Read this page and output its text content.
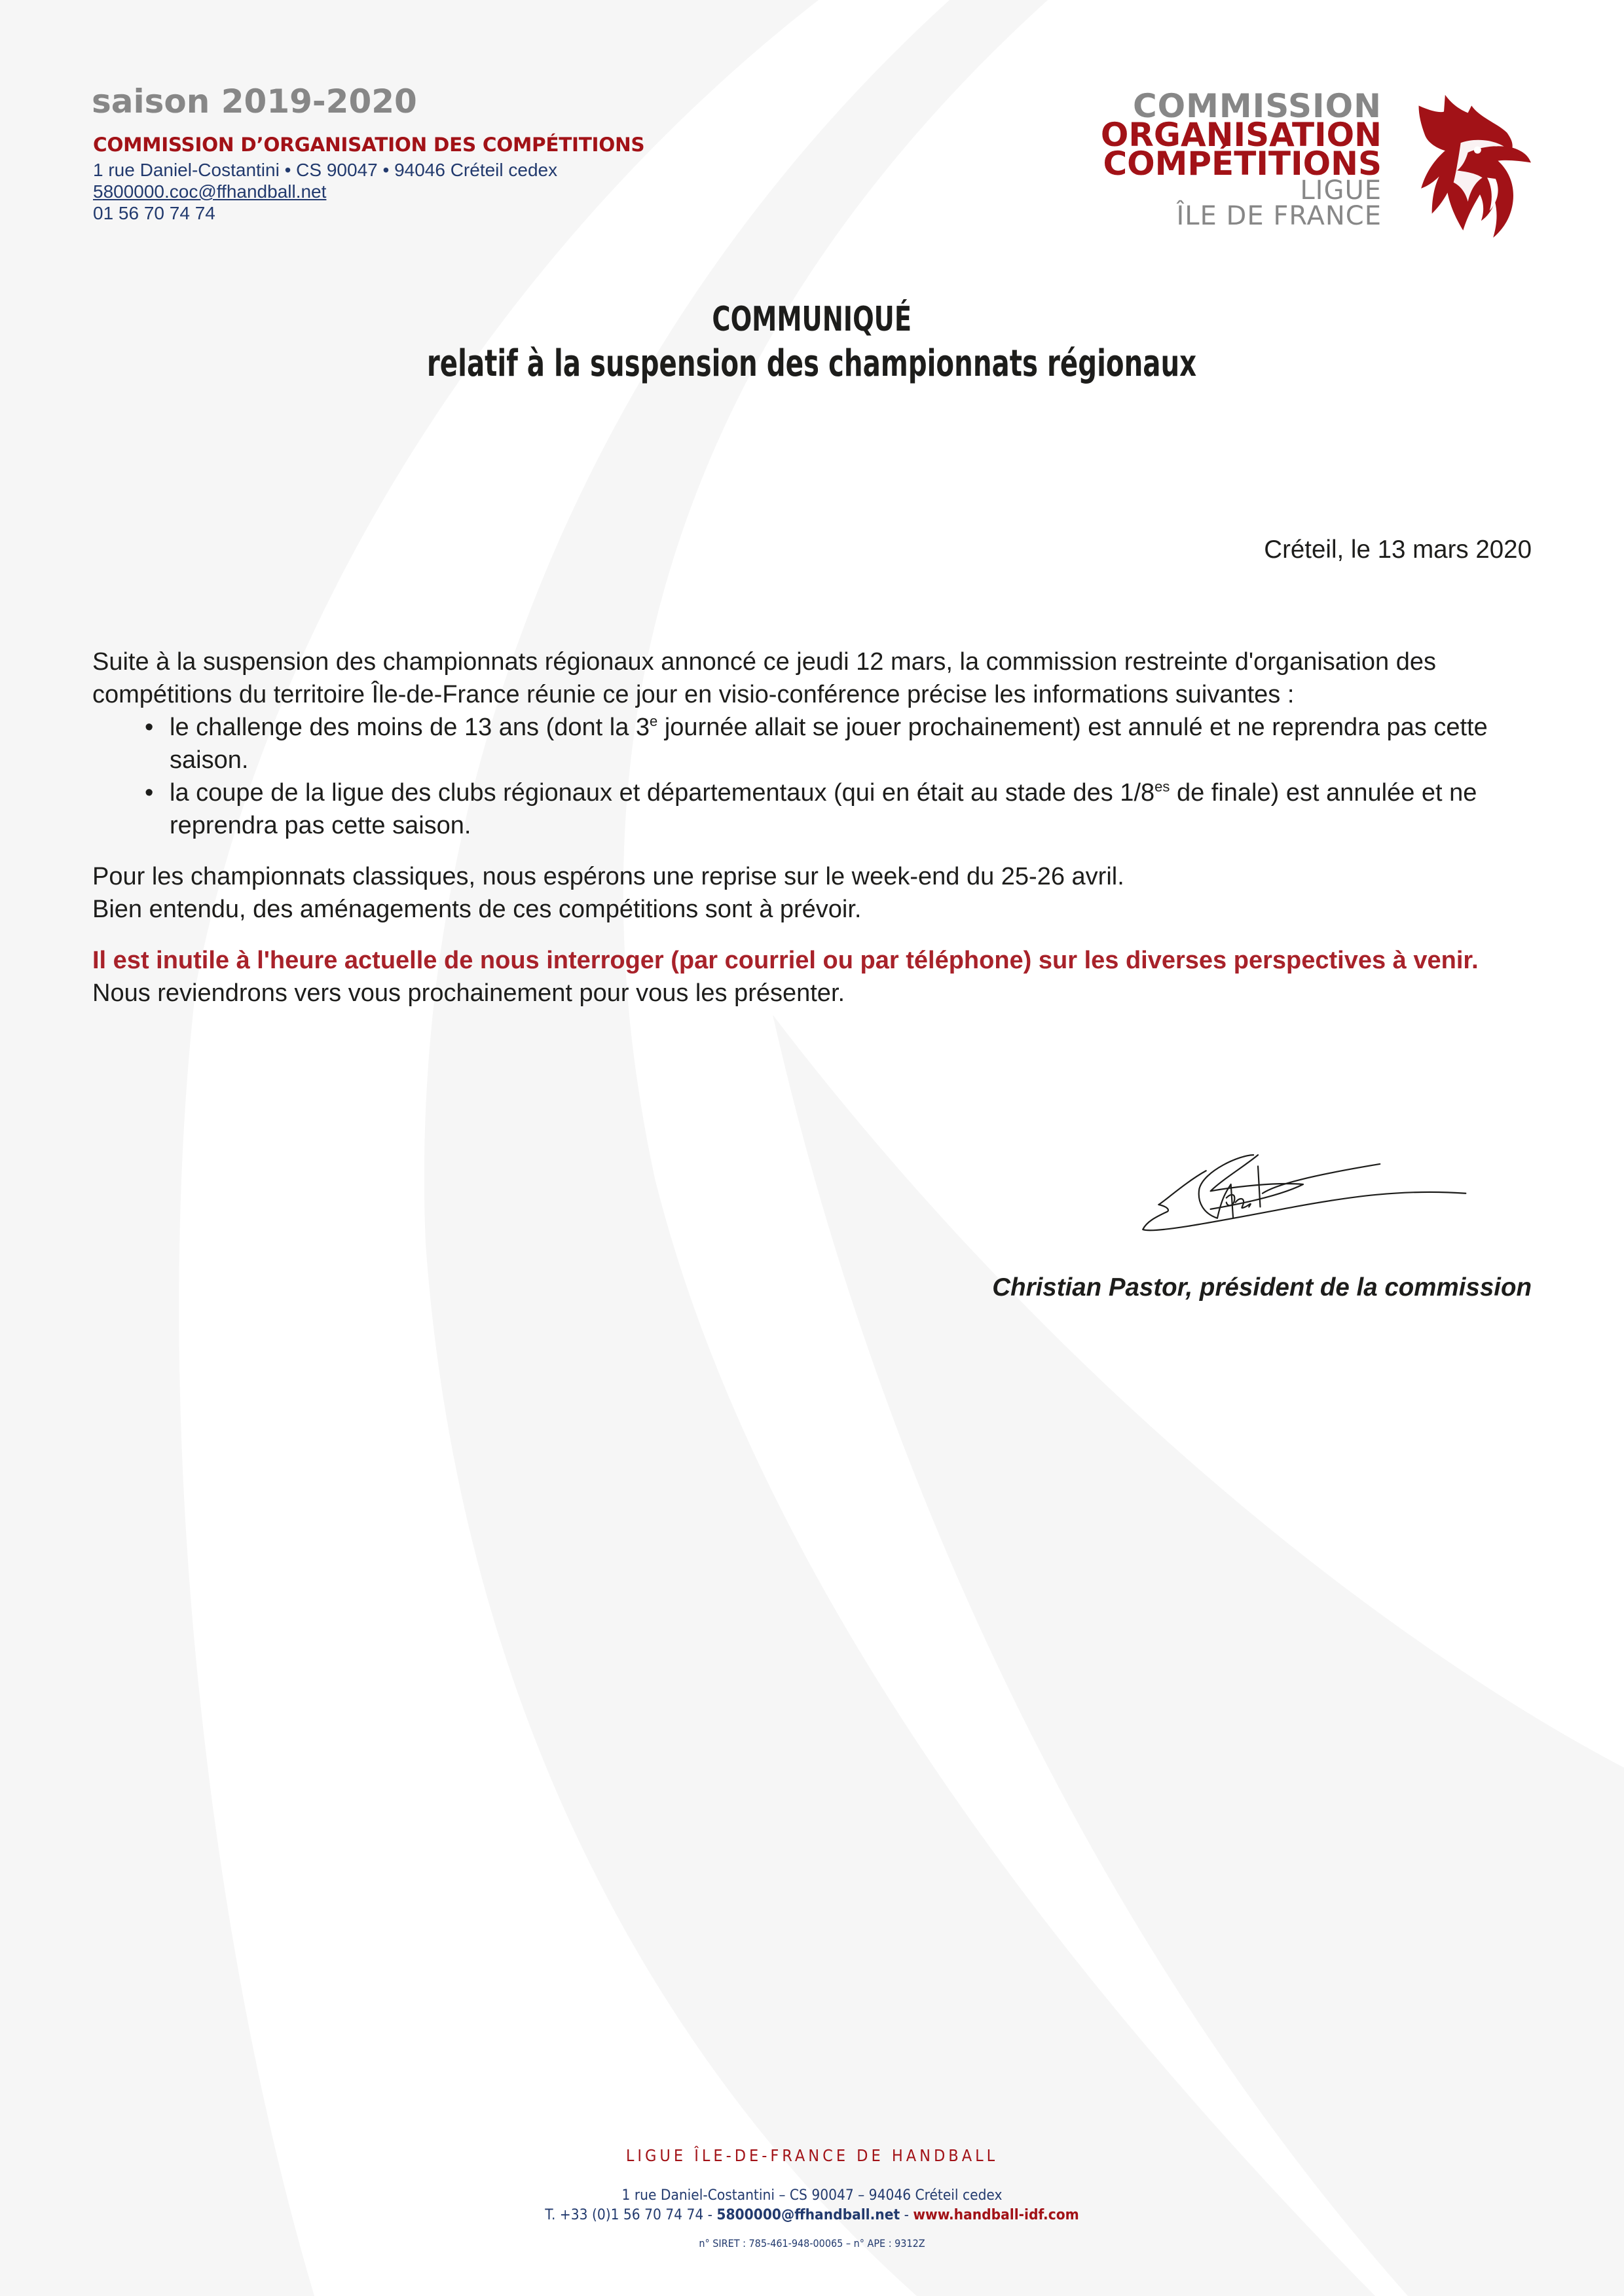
saison 2019-2020
COMMISSION D’ORGANISATION DES COMPÉTITIONS
1 rue Daniel-Costantini • CS 90047 • 94046 Créteil cedex
5800000.coc@ffhandball.net
01 56 70 74 74
COMMISSION
ORGANISATION
COMPÉTITIONS
LIGUE
ÎLE DE FRANCE
COMMUNIQUÉ
relatif à la suspension des championnats régionaux
Créteil, le 13 mars 2020

Suite à la suspension des championnats régionaux annoncé ce jeudi 12 mars, la commission restreinte d'organisation des compétitions du territoire Île-de-France réunie ce jour en visio-conférence précise les informations suivantes :

• le challenge des moins de 13 ans (dont la 3e journée allait se jouer prochainement) est annulé et ne reprendra pas cette saison.
• la coupe de la ligue des clubs régionaux et départementaux (qui en était au stade des $1/8^{es}$ de finale) est annulée et ne reprendra pas cette saison.

Pour les championnats classiques, nous espérons une reprise sur le week-end du 25-26 avril.
Bien entendu, des aménagements de ces compétitions sont à prévoir.

Il est inutile à l'heure actuelle de nous interroger (par courriel ou par téléphone) sur les diverses perspectives à venir. Nous reviendrons vers vous prochainement pour vous les présenter.

Christian Pastor, président de la commission
LIGUE ÎLE-DE-FRANCE DE HANDBALL
1 rue Daniel-Costantini – CS 90047 – 94046 Créteil cedex
T. +33 (0)1 56 70 74 74 - 5800000@ffhandball.net - www.handball-idf.com
n° SIRET : 785-461-948-00065 – n° APE : 9312Z
